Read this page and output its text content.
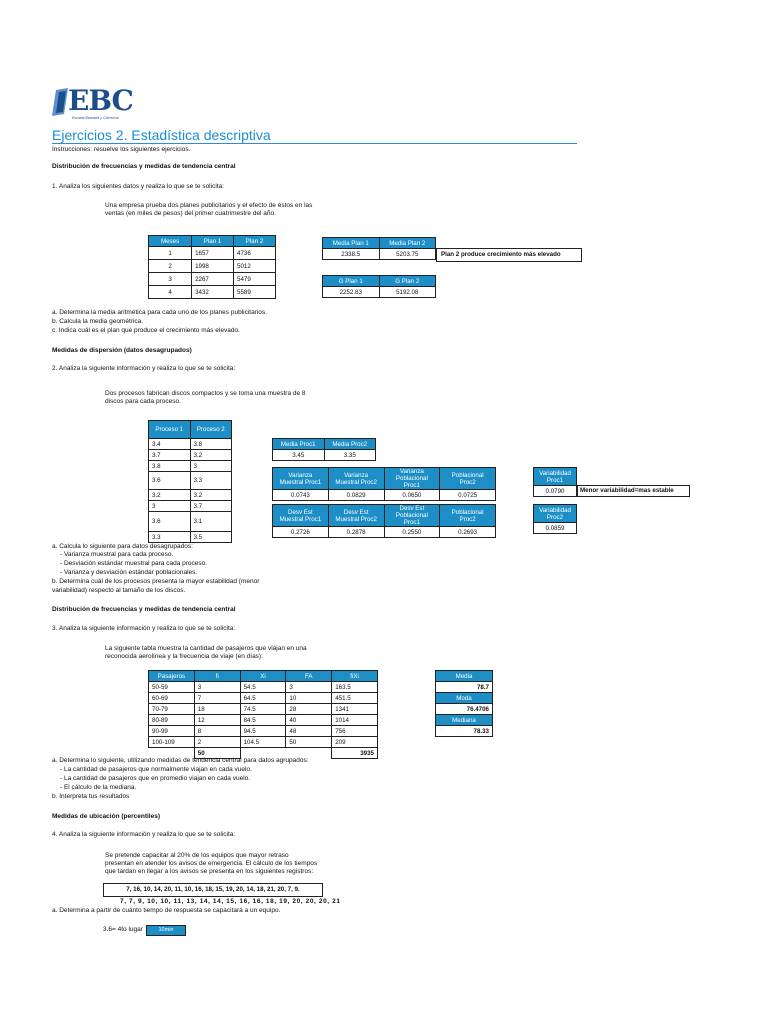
EBC
Escuela Bancaria y Comercial
Ejercicios 2. Estadística descriptiva
Instrucciones: resuelve los siguientes ejercicios.
Distribución de frecuencias y medidas de tendencia central
1. Analiza los siguientes datos y realiza lo que se te solicita:
Una empresa prueba dos planes publicitarios y el efecto de éstos en las
ventas (en miles de pesos) del primer cuatrimestre del año.
Meses	Plan 1	Plan 2
1	1657	4736
2	1998	5012
3	2267	5479
4	3432	5589
Media Plan 1	Media Plan 2
2338.5	5203.75	Plan 2 produce crecimiento más elevado
G Plan 1	G Plan 2
2252.83	5192.08
a. Determina la media aritmética para cada uno de los planes publicitarios.
b. Calcula la media geométrica.
c. Indica cuál es el plan que produce el crecimiento más elevado.
Medidas de dispersión (datos desagrupados)
2. Analiza la siguiente información y realiza lo que se te solicita:
Dos procesos fabrican discos compactos y se toma una muestra de 8
discos para cada proceso.
Proceso 1	Proceso 2
3.4	3.8
3.7	3.2
3.8	3
3.6	3.3
3.2	3.2
3	3.7
3.6	3.1
3.3	3.5
Media Proc1	Media Proc2
3.45	3.35
Varianza Muestral Proc1	Varianza Muestral Proc2	Varianza Poblacional Proc1	Poblacional Proc2
0.0743	0.0829	0.0650	0.0725
Desv Est Muestral Proc1	Desv Est Muestral Proc2	Desv Est Poblacional Proc1	Poblacional Proc2
0.2726	0.2878	0.2550	0.2693
Variabilidad Proc1
0.0790	Menor variabilidad=mas estable
Variabilidad Proc2
0.0859
a. Calcula lo siguiente para datos desagrupados:
- Varianza muestral para cada proceso.
- Desviación estándar muestral para cada proceso.
- Varianza y desviación estándar poblacionales.
b. Determina cuál de los procesos presenta la mayor estabilidad (menor
variabilidad) respecto al tamaño de los discos.
Distribución de frecuencias y medidas de tendencia central
3. Analiza la siguiente información y realiza lo que se te solicita:
La siguiente tabla muestra la cantidad de pasajeros que viajan en una
reconocida aerolínea y la frecuencia de viaje (en días):
Pasajeros	fi	Xi	FA	fiXi
50-59	3	54.5	3	163.5
60-69	7	64.5	10	451.5
70-79	18	74.5	28	1341
80-89	12	84.5	40	1014
90-99	8	94.5	48	756
100-109	2	104.5	50	209
	50			3935
Media
78.7
Moda
76.4706
Mediana
78.33
a. Determina lo siguiente, utilizando medidas de tendencia central para datos agrupados:
- La cantidad de pasajeros que normalmente viajan en cada vuelo.
- La cantidad de pasajeros que en promedio viajan en cada vuelo.
- El cálculo de la mediana.
b. Interpreta tus resultados
Medidas de ubicación (percentiles)
4. Analiza la siguiente información y realiza lo que se te solicita:
Se pretende capacitar al 20% de los equipos que mayor retraso
presentan en atender los avisos de emergencia. El cálculo de los tiempos
que tardan en llegar a los avisos se presenta en los siguientes registros:
7, 16, 10, 14, 20, 11, 10, 16, 18, 15, 19, 20, 14, 18, 21, 20, 7, 9.
7, 7, 9, 10, 10, 11, 13, 14, 14, 15, 16, 16, 18, 19, 20, 20, 20, 21
a. Determina a partir de cuánto tiempo de respuesta se capacitará a un equipo.
3.6= 4to lugar	10min
